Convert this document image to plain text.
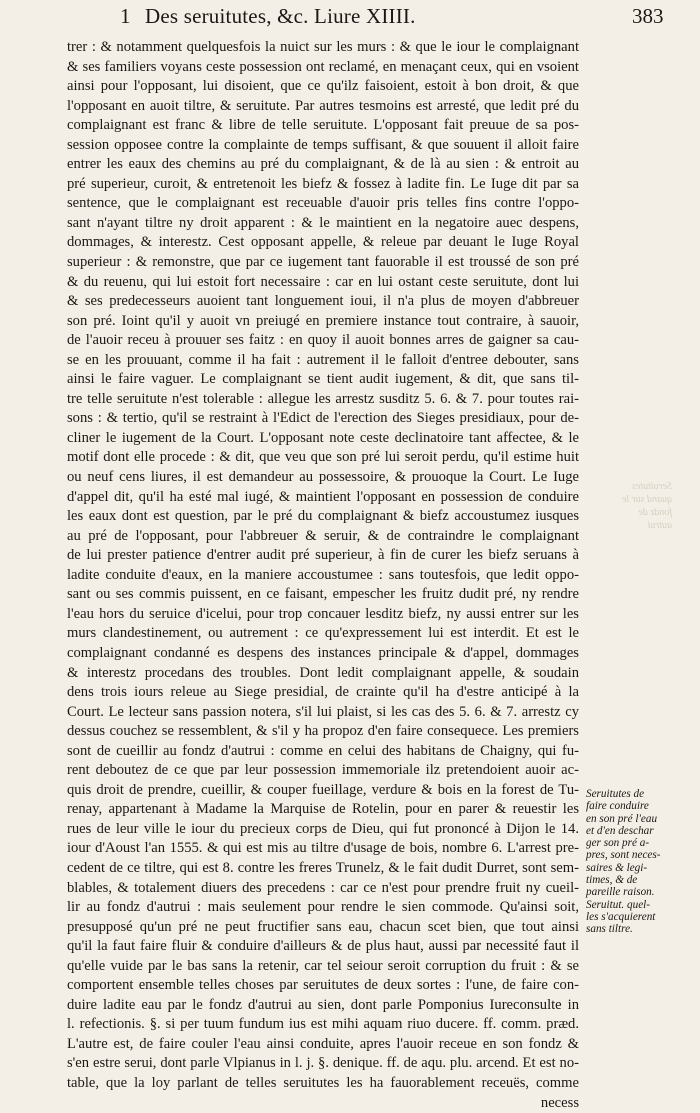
1 Des seruitutes, &c. Liure XIIII.	383
Seruitutes
quand sur le
fondz de
autrui
trer : & notamment quelquesfois la nuict sur les murs : & que le iour le complaignant
& ses familiers voyans ceste possession ont reclamé, en menaçant ceux, qui en vsoient
ainsi pour l'opposant, lui disoient, que ce qu'ilz faisoient, estoit à bon droit, & que
l'opposant en auoit tiltre, & seruitute. Par autres tesmoins est arresté, que ledit pré du
complaignant est franc & libre de telle seruitute. L'opposant fait preuue de sa pos-
session opposee contre la complainte de temps suffisant, & que souuent il alloit faire
entrer les eaux des chemins au pré du complaignant, & de là au sien : & entroit au
pré superieur, curoit, & entretenoit les biefz & fossez à ladite fin. Le Iuge dit par sa
sentence, que le complaignant est receuable d'auoir pris telles fins contre l'oppo-
sant n'ayant tiltre ny droit apparent : & le maintient en la negatoire auec despens,
dommages, & interestz. Cest opposant appelle, & releue par deuant le Iuge Royal
superieur : & remonstre, que par ce iugement tant fauorable il est troussé de son pré
& du reuenu, qui lui estoit fort necessaire : car en lui ostant ceste seruitute, dont lui
& ses predecesseurs auoient tant longuement ioui, il n'a plus de moyen d'abbreuer
son pré. Ioint qu'il y auoit vn preiugé en premiere instance tout contraire, à sauoir,
de l'auoir receu à prouuer ses faitz : en quoy il auoit bonnes arres de gaigner sa cau-
se en les prouuant, comme il ha fait : autrement il le falloit d'entree debouter, sans
ainsi le faire vaguer. Le complaignant se tient audit iugement, & dit, que sans til-
tre telle seruitute n'est tolerable : allegue les arrestz susditz 5. 6. & 7. pour toutes rai-
sons : & tertio, qu'il se restraint à l'Edict de l'erection des Sieges presidiaux, pour de-
cliner le iugement de la Court. L'opposant note ceste declinatoire tant affectee, & le
motif dont elle procede : & dit, que veu que son pré lui seroit perdu, qu'il estime huit
ou neuf cens liures, il est demandeur au possessoire, & prouoque la Court. Le Iuge
d'appel dit, qu'il ha esté mal iugé, & maintient l'opposant en possession de conduire
les eaux dont est question, par le pré du complaignant & biefz accoustumez iusques
au pré de l'opposant, pour l'abbreuer & seruir, & de contraindre le complaignant
de lui prester patience d'entrer audit pré superieur, à fin de curer les biefz seruans à
ladite conduite d'eaux, en la maniere accoustumee : sans toutesfois, que ledit oppo-
sant ou ses commis puissent, en ce faisant, empescher les fruitz dudit pré, ny rendre
l'eau hors du seruice d'icelui, pour trop concauer lesditz biefz, ny aussi entrer sur les
murs clandestinement, ou autrement : ce qu'expressement lui est interdit. Et est le
complaignant condanné es despens des instances principale & d'appel, dommages
& interestz procedans des troubles. Dont ledit complaignant appelle, & soudain
dens trois iours releue au Siege presidial, de crainte qu'il ha d'estre anticipé à la
Court. Le lecteur sans passion notera, s'il lui plaist, si les cas des 5. 6. & 7. arrestz cy
dessus couchez se ressemblent, & s'il y ha propoz d'en faire consequece. Les premiers
sont de cueillir au fondz d'autrui : comme en celui des habitans de Chaigny, qui fu-
rent deboutez de ce que par leur possession immemoriale ilz pretendoient auoir ac-
quis droit de prendre, cueillir, & couper fueillage, verdure & bois en la forest de Tu-
renay, appartenant à Madame la Marquise de Rotelin, pour en parer & reuestir les
rues de leur ville le iour du precieux corps de Dieu, qui fut prononcé à Dijon le 14.
iour d'Aoust l'an 1555. & qui est mis au tiltre d'usage de bois, nombre 6. L'arrest pre-
cedent de ce tiltre, qui est 8. contre les freres Trunelz, & le fait dudit Durret, sont sem-
blables, & totalement diuers des precedens : car ce n'est pour prendre fruit ny cueil-
lir au fondz d'autrui : mais seulement pour rendre le sien commode. Qu'ainsi soit,
presupposé qu'un pré ne peut fructifier sans eau, chacun scet bien, que tout ainsi
qu'il la faut faire fluir & conduire d'ailleurs & de plus haut, aussi par necessité faut il
qu'elle vuide par le bas sans la retenir, car tel seiour seroit corruption du fruit : & se
comportent ensemble telles choses par seruitutes de deux sortes : l'une, de faire con-
duire ladite eau par le fondz d'autrui au sien, dont parle Pomponius Iureconsulte in
l. refectionis. §. si per tuum fundum ius est mihi aquam riuo ducere. ff. comm. præd.
L'autre est, de faire couler l'eau ainsi conduite, apres l'auoir receue en son fondz &
s'en estre serui, dont parle Vlpianus in l. j. §. denique. ff. de aqu. plu. arcend. Et est no-
table, que la loy parlant de telles seruitutes les ha fauorablement receuës, comme
necess
Seruitutes de
faire conduire
en son pré l'eau
et d'en deschar
ger son pré a-
pres, sont neces-
saires & legi-
times, & de
pareille raison.
Seruitut. quel-
les s'acquierent
sans tiltre.
